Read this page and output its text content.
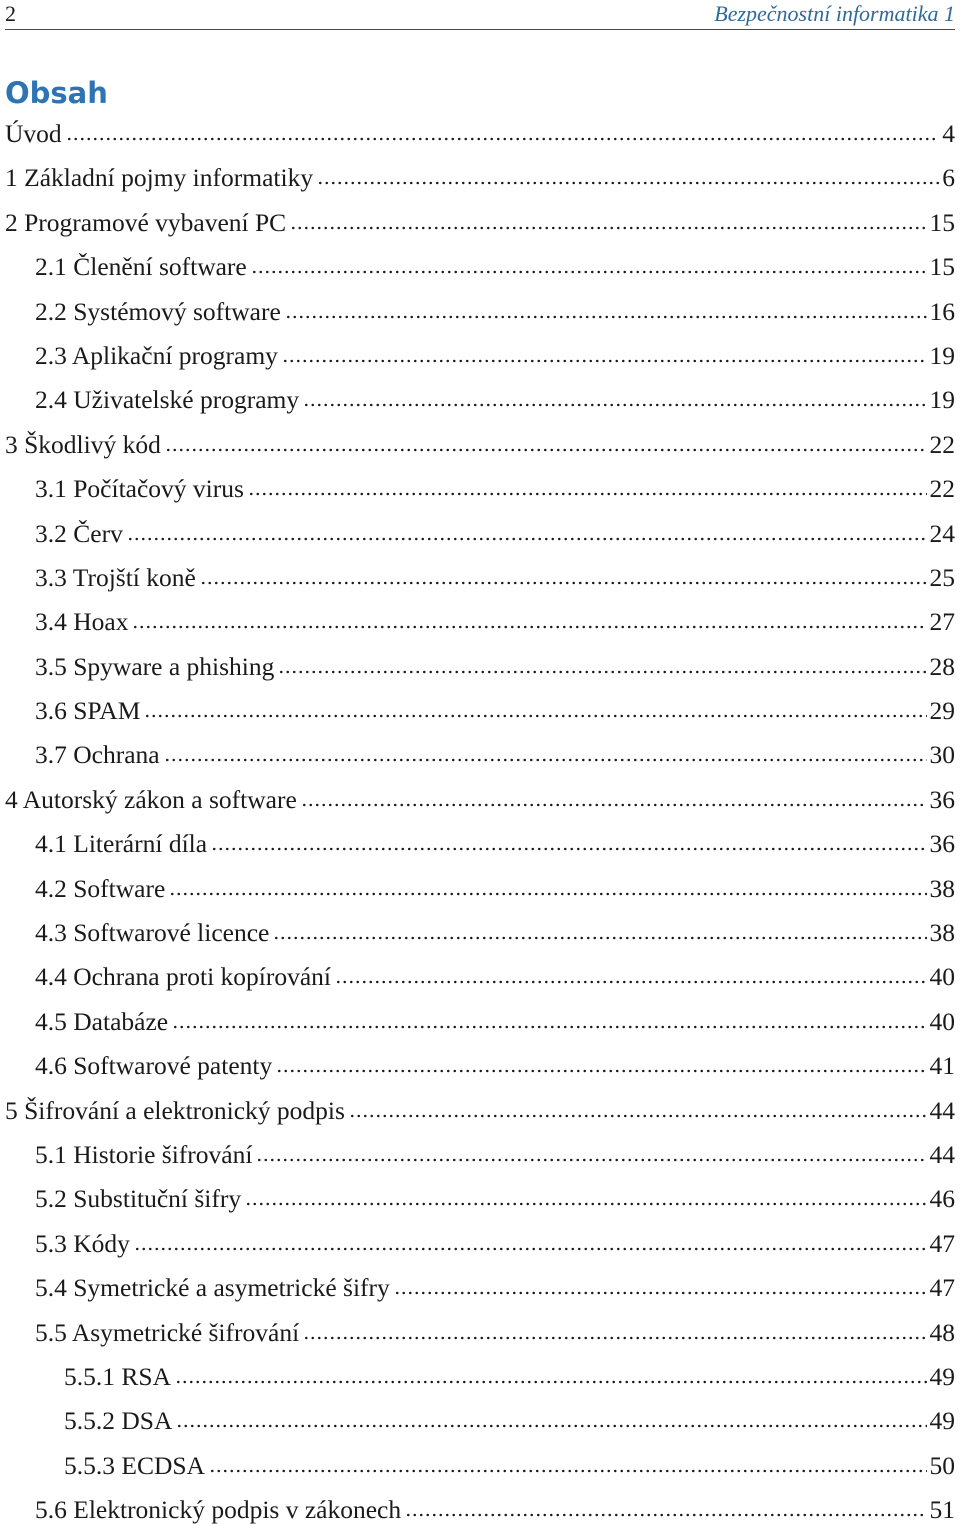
2	Bezpečnostní informatika 1
Obsah
Úvod	4
1 Základní pojmy informatiky	6
2 Programové vybavení PC	15
2.1 Členění software	15
2.2 Systémový software	16
2.3 Aplikační programy	19
2.4 Uživatelské programy	19
3 Škodlivý kód	22
3.1 Počítačový virus	22
3.2 Červ	24
3.3 Trojští koně	25
3.4 Hoax	27
3.5 Spyware a phishing	28
3.6 SPAM	29
3.7 Ochrana	30
4 Autorský zákon a software	36
4.1 Literární díla	36
4.2 Software	38
4.3 Softwarové licence	38
4.4 Ochrana proti kopírování	40
4.5 Databáze	40
4.6 Softwarové patenty	41
5 Šifrování a elektronický podpis	44
5.1 Historie šifrování	44
5.2 Substituční šifry	46
5.3 Kódy	47
5.4 Symetrické a asymetrické šifry	47
5.5 Asymetrické šifrování	48
5.5.1 RSA	49
5.5.2 DSA	49
5.5.3 ECDSA	50
5.6 Elektronický podpis v zákonech	51
